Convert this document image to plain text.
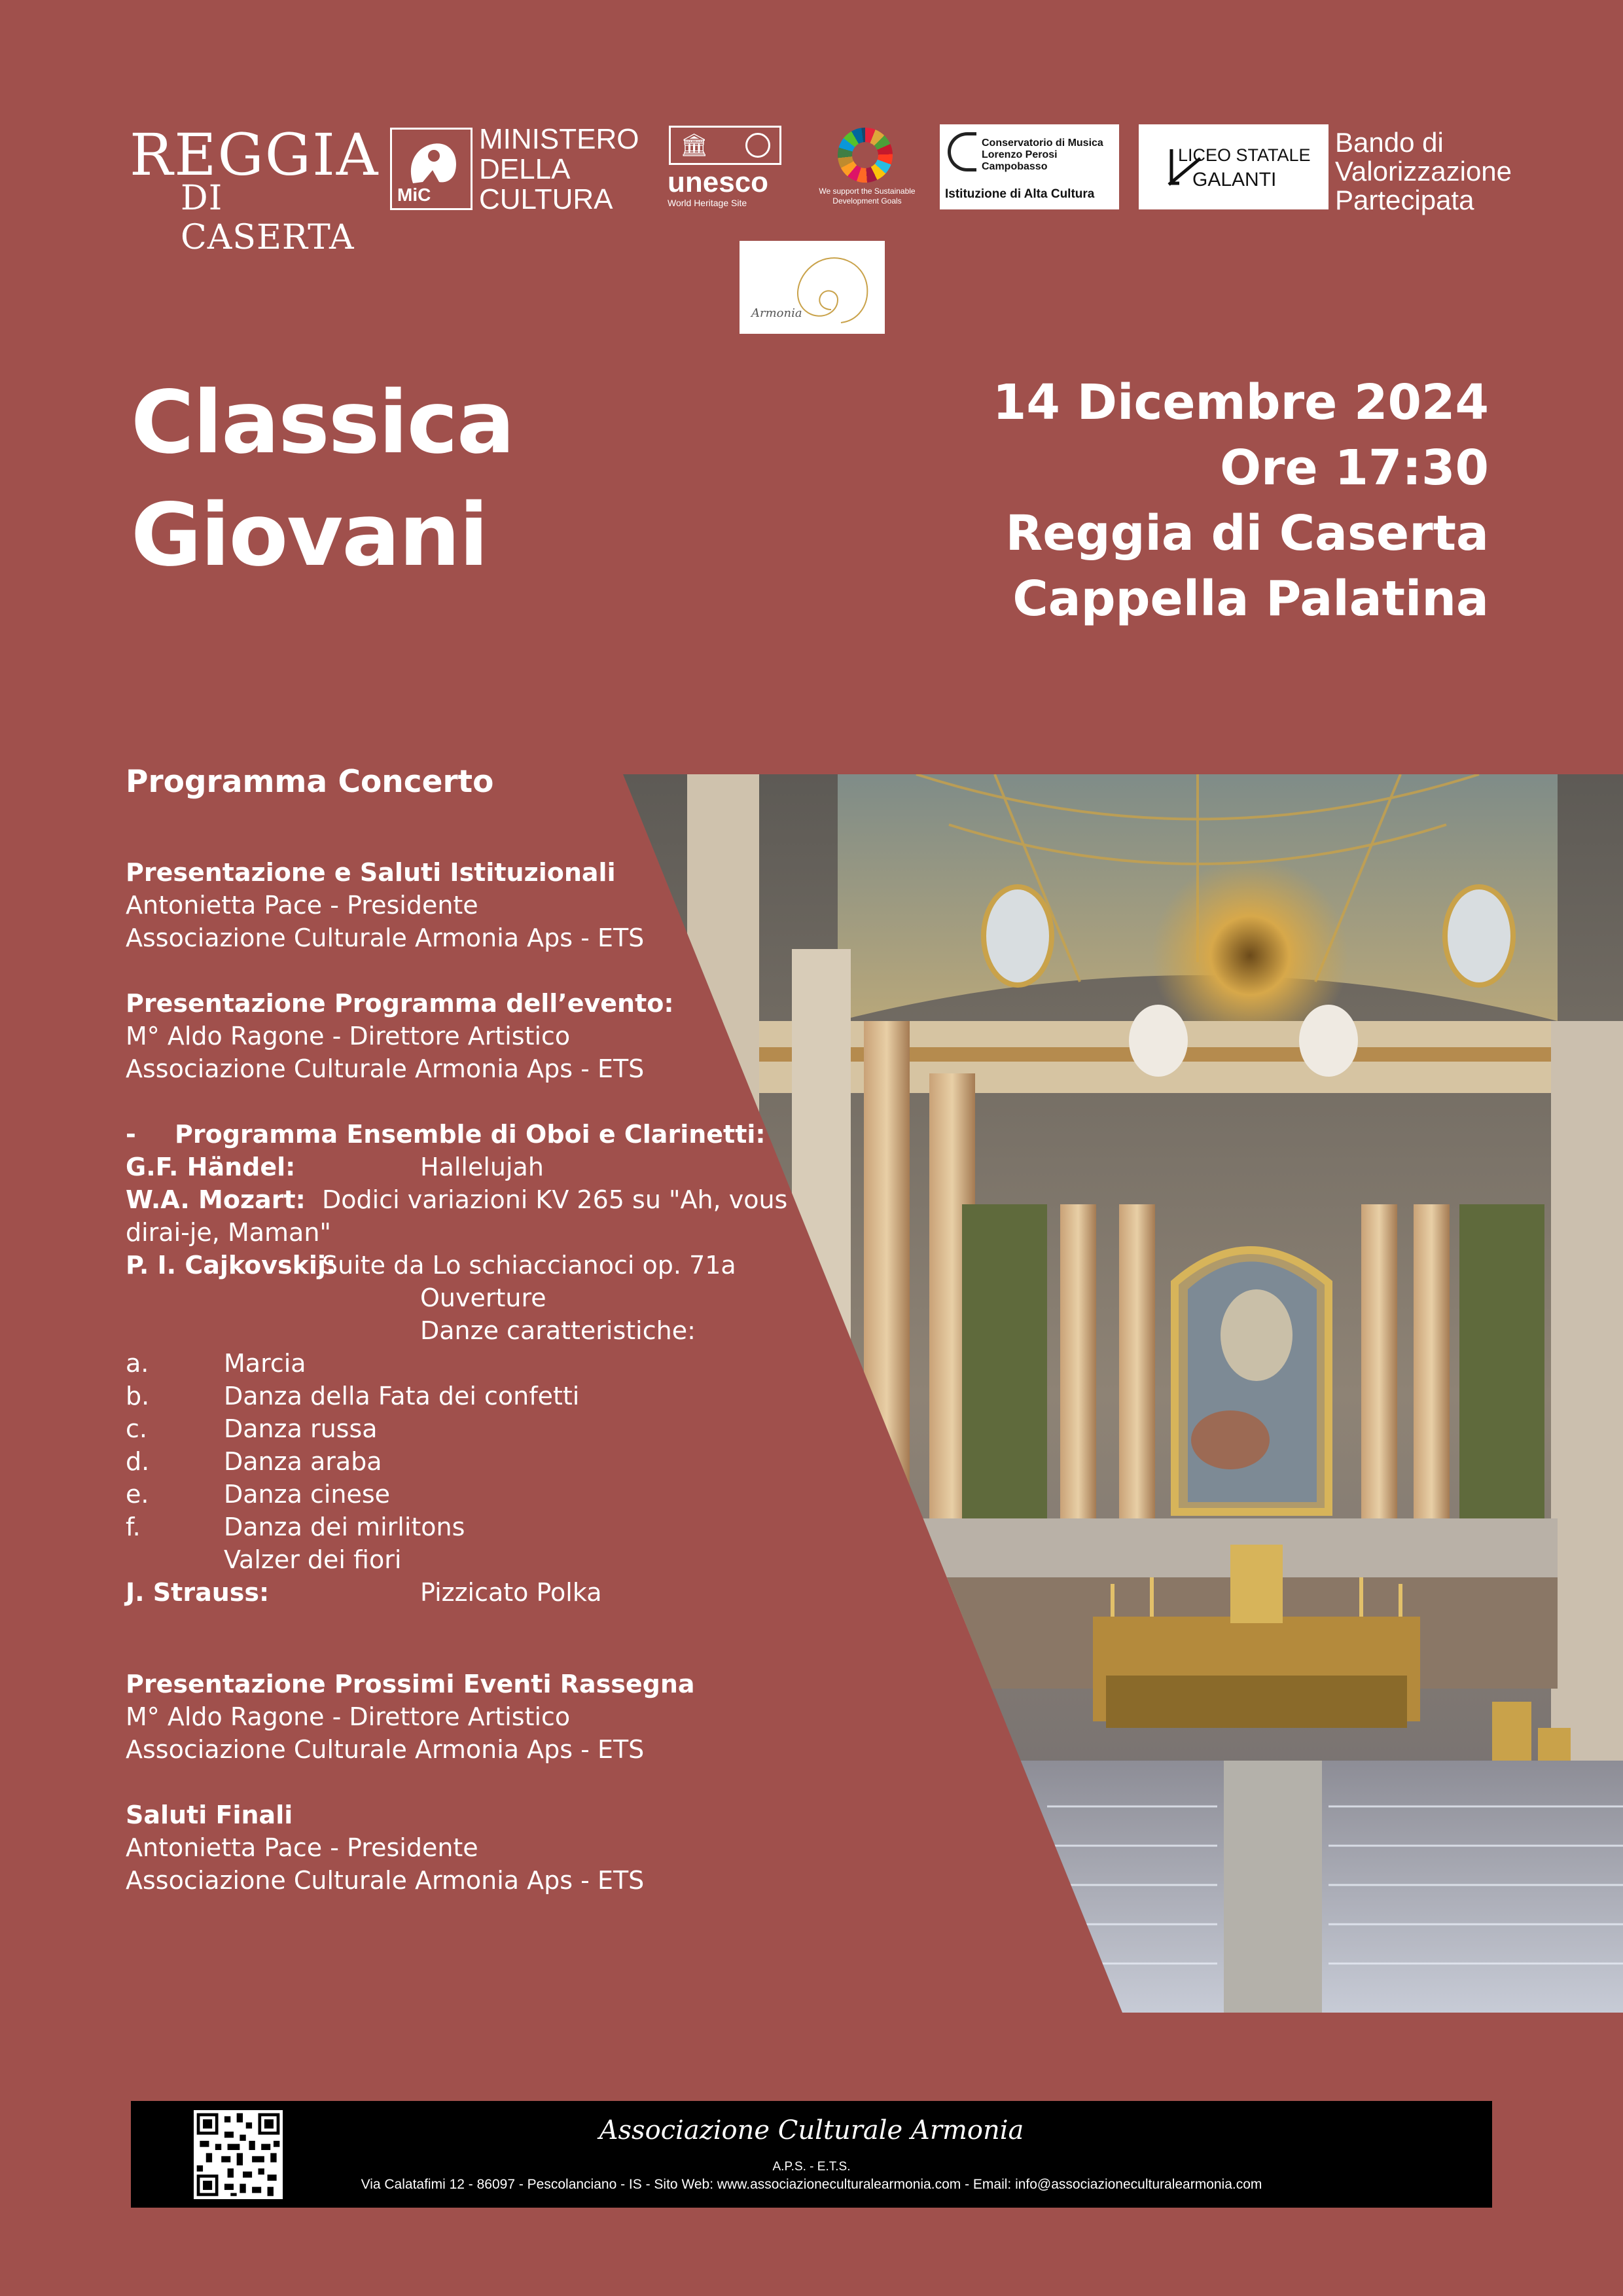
REGGIA
DI CASERTA
MiC
MINISTERO
DELLA
CULTURA
🏛
unesco
World Heritage Site
We support the Sustainable Development Goals
Conservatorio di Musica
Lorenzo Perosi
Campobasso
Istituzione di Alta Cultura
LICEO STATALE
GALANTI
Bando di
Valorizzazione
Partecipata
Armonia
Classica
Giovani
14 Dicembre 2024
Ore 17:30
Reggia di Caserta
Cappella Palatina
Programma Concerto
Presentazione e Saluti Istituzionali
Antonietta Pace - Presidente
Associazione Culturale Armonia Aps - ETS
Presentazione Programma dell’evento:
M° Aldo Ragone - Direttore Artistico
Associazione Culturale Armonia Aps - ETS
- Programma Ensemble di Oboi e Clarinetti:
G.F. Händel:	Hallelujah
W.A. Mozart: Dodici variazioni KV 265 su "Ah, vous
dirai-je, Maman"
P. I. Cajkovskij:
Suite da Lo schiaccianoci op. 71a
Ouverture
Danze caratteristiche:
a.	Marcia
b.	Danza della Fata dei confetti
c.	Danza russa
d.	Danza araba
e.	Danza cinese
f.	Danza dei mirlitons
Valzer dei fiori
J. Strauss:	Pizzicato Polka
Presentazione Prossimi Eventi Rassegna
M° Aldo Ragone - Direttore Artistico
Associazione Culturale Armonia Aps - ETS
Saluti Finali
Antonietta Pace - Presidente
Associazione Culturale Armonia Aps - ETS
Associazione Culturale Armonia
A.P.S. - E.T.S.
Via Calatafimi 12 - 86097 - Pescolanciano - IS - Sito Web: www.associazioneculturalearmonia.com - Email: info@associazioneculturalearmonia.com
